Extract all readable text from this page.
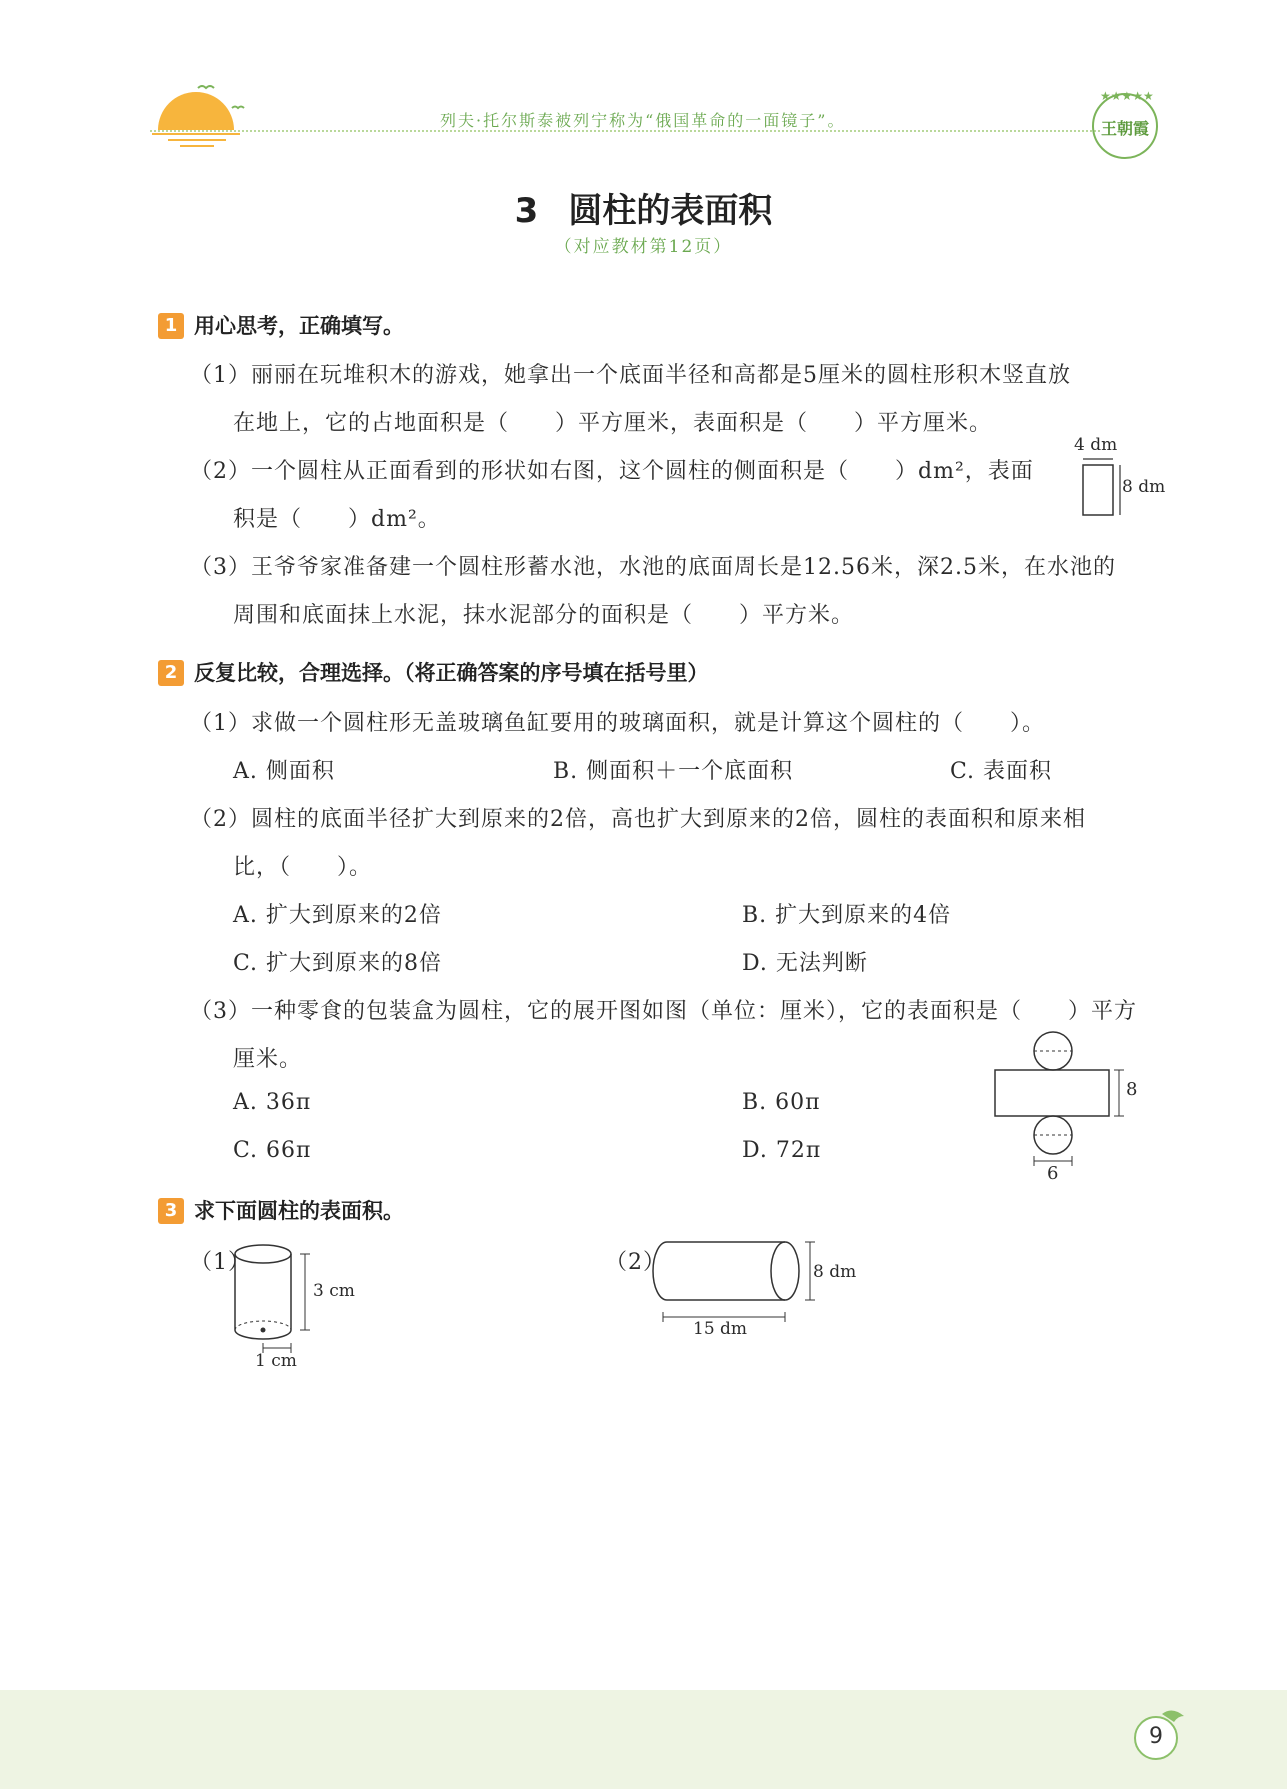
列夫·托尔斯泰被列宁称为“俄国革命的一面镜子”。
★★★★★
王朝霞
3 圆柱的表面积
（对应教材第12页）
1 用心思考，正确填写。
（1）丽丽在玩堆积木的游戏，她拿出一个底面半径和高都是5厘米的圆柱形积木竖直放
在地上，它的占地面积是（　　）平方厘米，表面积是（　　）平方厘米。
（2）一个圆柱从正面看到的形状如右图，这个圆柱的侧面积是（　　）dm²，表面
积是（　　）dm²。
4 dm
8 dm
（3）王爷爷家准备建一个圆柱形蓄水池，水池的底面周长是12.56米，深2.5米，在水池的
周围和底面抹上水泥，抹水泥部分的面积是（　　）平方米。
2 反复比较，合理选择。（将正确答案的序号填在括号里）
（1）求做一个圆柱形无盖玻璃鱼缸要用的玻璃面积，就是计算这个圆柱的（　　）。
A. 侧面积	B. 侧面积＋一个底面积	C. 表面积
（2）圆柱的底面半径扩大到原来的2倍，高也扩大到原来的2倍，圆柱的表面积和原来相
比，（　　）。
A. 扩大到原来的2倍	B. 扩大到原来的4倍
C. 扩大到原来的8倍	D. 无法判断
（3）一种零食的包装盒为圆柱，它的展开图如图（单位：厘米），它的表面积是（　　）平方
厘米。
A. 36π	B. 60π
C. 66π	D. 72π
8
6
3 求下面圆柱的表面积。
（1）
3 cm
1 cm
（2）	8 dm
15 dm
9
